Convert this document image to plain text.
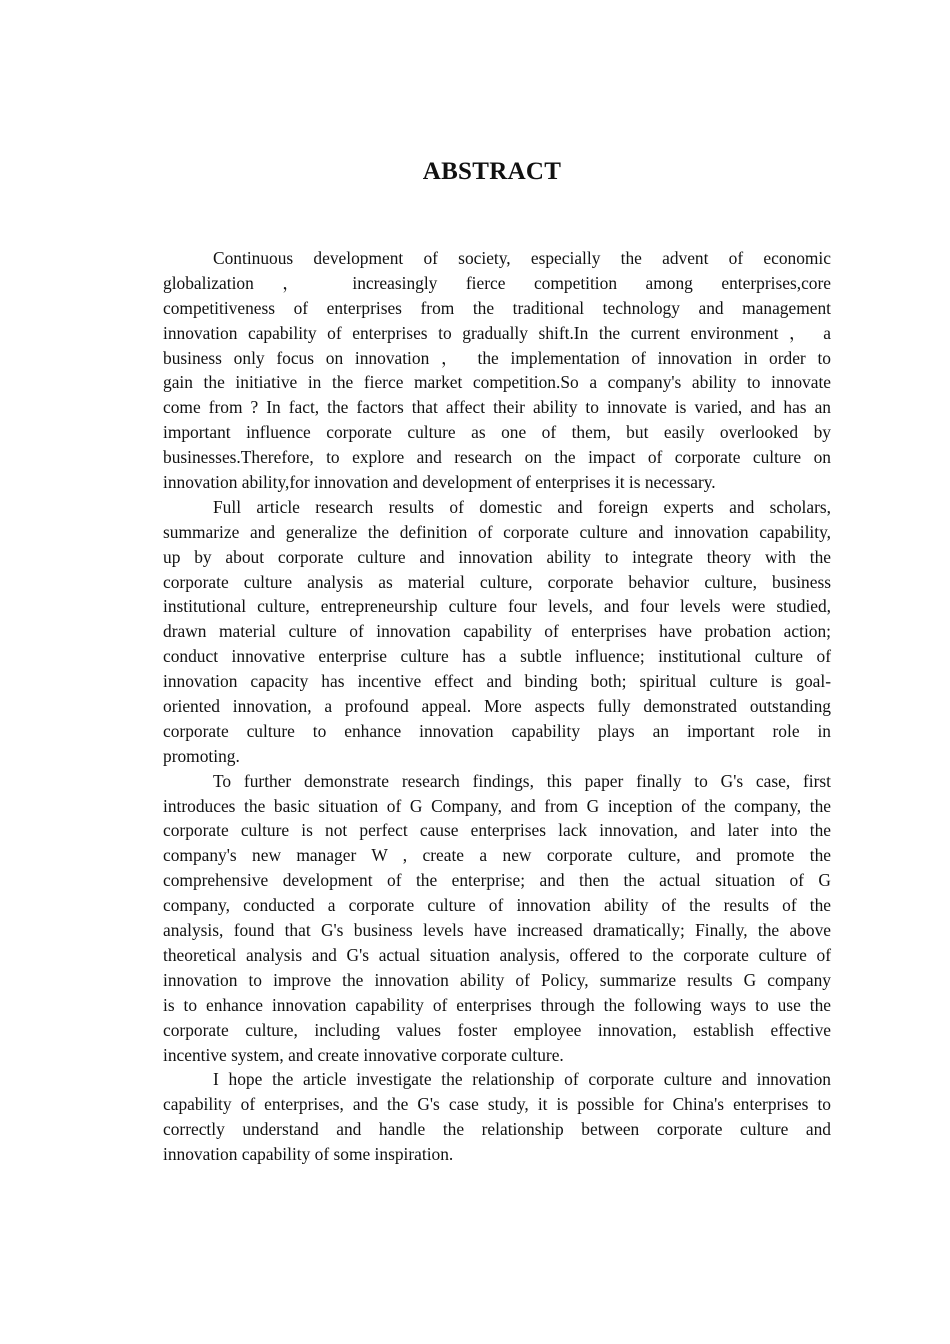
ABSTRACT
Continuous development of society, especially the advent of economic
globalization ， increasingly fierce competition among enterprises,core
competitiveness of enterprises from the traditional technology and management
innovation capability of enterprises to gradually shift.In the current environment ， a
business only focus on innovation ， the implementation of innovation in order to
gain the initiative in the fierce market competition.So a company's ability to innovate
come from ? In fact, the factors that affect their ability to innovate is varied, and has an
important influence corporate culture as one of them, but easily overlooked by
businesses.Therefore, to explore and research on the impact of corporate culture on
innovation ability,for innovation and development of enterprises it is necessary.
Full article research results of domestic and foreign experts and scholars,
summarize and generalize the definition of corporate culture and innovation capability,
up by about corporate culture and innovation ability to integrate theory with the
corporate culture analysis as material culture, corporate behavior culture, business
institutional culture, entrepreneurship culture four levels, and four levels were studied,
drawn material culture of innovation capability of enterprises have probation action;
conduct innovative enterprise culture has a subtle influence; institutional culture of
innovation capacity has incentive effect and binding both; spiritual culture is goal-
oriented innovation, a profound appeal. More aspects fully demonstrated outstanding
corporate culture to enhance innovation capability plays an important role in
promoting.
To further demonstrate research findings, this paper finally to G's case, first
introduces the basic situation of G Company, and from G inception of the company, the
corporate culture is not perfect cause enterprises lack innovation, and later into the
company's new manager W , create a new corporate culture, and promote the
comprehensive development of the enterprise; and then the actual situation of G
company, conducted a corporate culture of innovation ability of the results of the
analysis, found that G's business levels have increased dramatically; Finally, the above
theoretical analysis and G's actual situation analysis, offered to the corporate culture of
innovation to improve the innovation ability of Policy, summarize results G company
is to enhance innovation capability of enterprises through the following ways to use the
corporate culture, including values foster employee innovation, establish effective
incentive system, and create innovative corporate culture.
I hope the article investigate the relationship of corporate culture and innovation
capability of enterprises, and the G's case study, it is possible for China's enterprises to
correctly understand and handle the relationship between corporate culture and
innovation capability of some inspiration.
